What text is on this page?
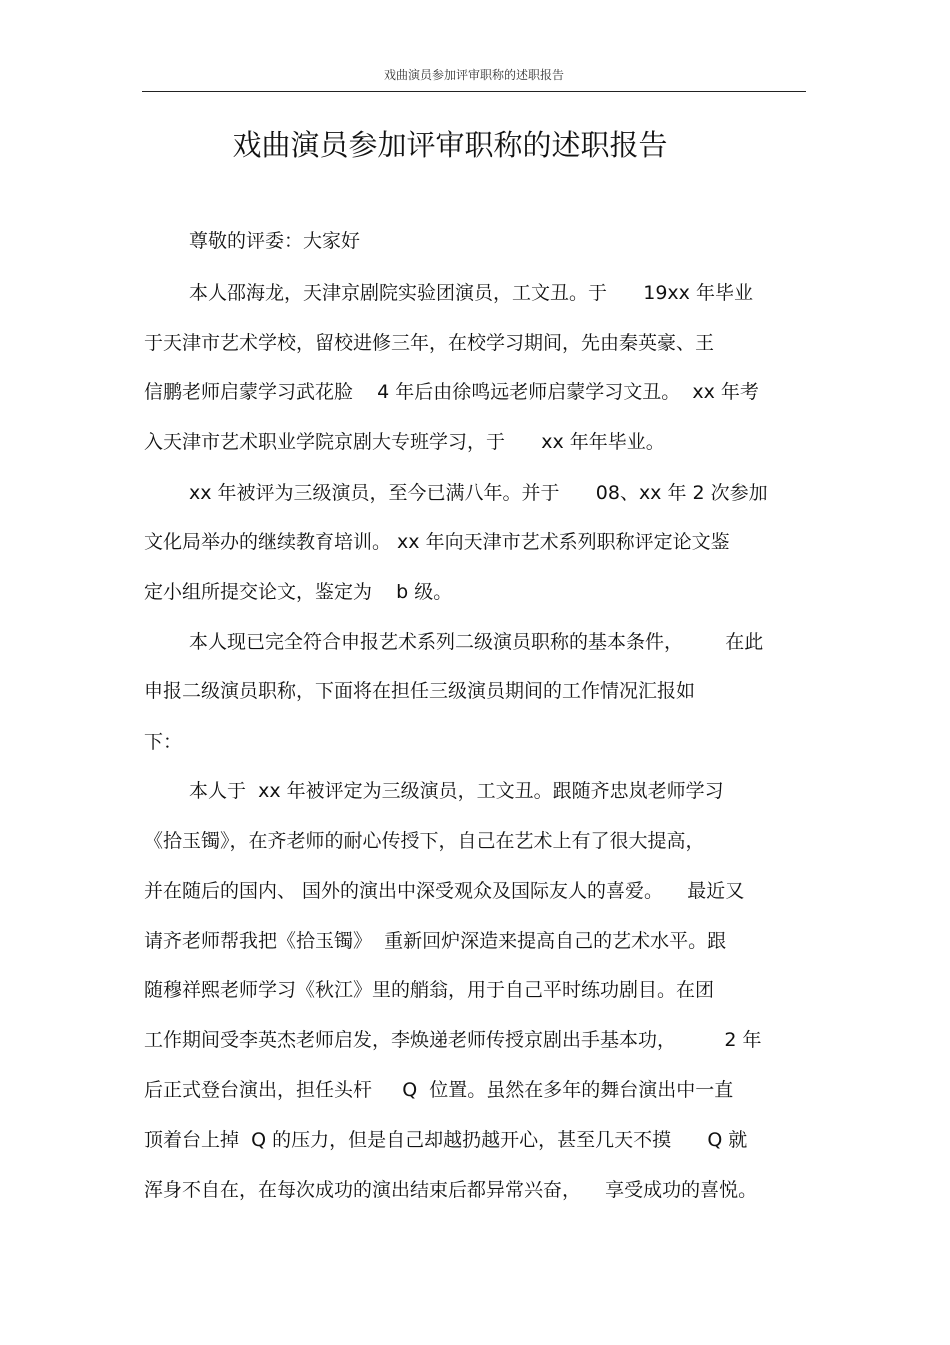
戏曲演员参加评审职称的述职报告
戏曲演员参加评审职称的述职报告
尊敬的评委：大家好
本人邵海龙，天津京剧院实验团演员，工文丑。于      19xx 年毕业
于天津市艺术学校，留校进修三年，在校学习期间，先由秦英豪、王
信鹏老师启蒙学习武花脸    4 年后由徐鸣远老师启蒙学习文丑。  xx 年考
入天津市艺术职业学院京剧大专班学习，于      xx 年年毕业。
xx 年被评为三级演员，至今已满八年。并于      08、xx 年 2 次参加
文化局举办的继续教育培训。 xx 年向天津市艺术系列职称评定论文鉴
定小组所提交论文，鉴定为    b 级。
本人现已完全符合申报艺术系列二级演员职称的基本条件，       在此
申报二级演员职称，下面将在担任三级演员期间的工作情况汇报如
下：
本人于  xx 年被评定为三级演员，工文丑。跟随齐忠岚老师学习
《拾玉镯》，在齐老师的耐心传授下，自己在艺术上有了很大提高，
并在随后的国内、 国外的演出中深受观众及国际友人的喜爱。    最近又
请齐老师帮我把《拾玉镯》  重新回炉深造来提高自己的艺术水平。跟
随穆祥熙老师学习《秋江》里的艄翁，用于自己平时练功剧目。在团
工作期间受李英杰老师启发，李焕递老师传授京剧出手基本功，        2 年
后正式登台演出，担任头杆     Q  位置。虽然在多年的舞台演出中一直
顶着台上掉  Q 的压力，但是自己却越扔越开心，甚至几天不摸      Q 就
浑身不自在，在每次成功的演出结束后都异常兴奋，    享受成功的喜悦。
